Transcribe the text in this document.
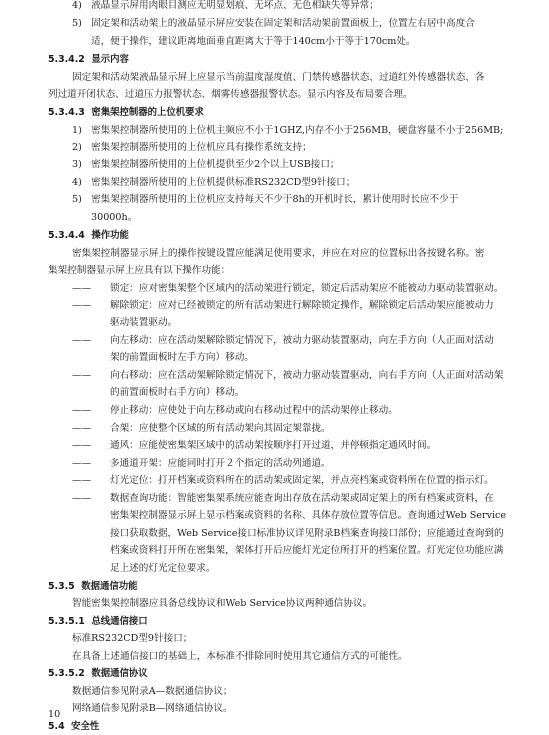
4) 液晶显示屏用肉眼目测应无明显划痕、无坏点、无色相缺失等异常；
5) 固定架和活动架上的液晶显示屏应安装在固定架和活动架前置面板上，位置左右居中高度合
适，便于操作，建议距离地面垂直距离大于等于140cm小于等于170cm处。
5.3.4.2 显示内容
固定架和活动架液晶显示屏上应显示当前温度湿度值、门禁传感器状态、过道红外传感器状态、各
列过道开闭状态、过道压力报警状态、烟雾传感器报警状态。显示内容及布局要合理。
5.3.4.3 密集架控制器的上位机要求
1) 密集架控制器所使用的上位机主频应不小于1GHZ,内存不小于256MB，硬盘容量不小于256MB;
2) 密集架控制器所使用的上位机应具有操作系统支持；
3) 密集架控制器所使用的上位机提供至少2个以上USB接口；
4) 密集架控制器所使用的上位机提供标准RS232CD型9针接口；
5) 密集架控制器所使用的上位机应支持每天不少于8h的开机时长，累计使用时长应不少于
30000h。
5.3.4.4 操作功能
密集架控制器显示屏上的操作按键设置应能满足使用要求，并应在对应的位置标出各按键名称。密
集架控制器显示屏上应具有以下操作功能：
—— 锁定：应对密集架整个区域内的活动架进行锁定，锁定后活动架应不能被动力驱动装置驱动。
—— 解除锁定：应对已经被锁定的所有活动架进行解除锁定操作，解除锁定后活动架应能被动力
驱动装置驱动。
—— 向左移动：应在活动架解除锁定情况下，被动力驱动装置驱动，向左手方向（人正面对活动
架的前置面板时左手方向）移动。
—— 向右移动：应在活动架解除锁定情况下，被动力驱动装置驱动，向右手方向（人正面对活动架
的前置面板时右手方向）移动。
—— 停止移动：应使处于向左移动或向右移动过程中的活动架停止移动。
—— 合架：应使整个区域的所有活动架向其固定架靠拢。
—— 通风：应能使密集架区域中的活动架按顺序打开过道，并停顿指定通风时间。
—— 多通道开架：应能同时打开２个指定的活动列通道。
—— 灯光定位：打开档案或资料所在的活动架或固定架，并点亮档案或资料所在位置的指示灯。
—— 数据查询功能：智能密集架系统应能查询出存放在活动架或固定架上的所有档案或资料，在
密集架控制器显示屏上显示档案或资料的名称、具体存放位置等信息。查询通过Web Service
接口获取数据，Web Service接口标准协议详见附录B档案查询接口部份；应能通过查询到的
档案或资料打开所在密集架，架体打开后应能灯光定位所打开的档案位置。灯光定位功能应满
足上述的灯光定位要求。
5.3.5 数据通信功能
智能密集架控制器应具备总线协议和Web Service协议两种通信协议。
5.3.5.1 总线通信接口
标准RS232CD型9针接口；
在具备上述通信接口的基础上，本标准不排除同时使用其它通信方式的可能性。
5.3.5.2 数据通信协议
数据通信参见附录A—数据通信协议；
网络通信参见附录B—网络通信协议。
5.4 安全性
10
